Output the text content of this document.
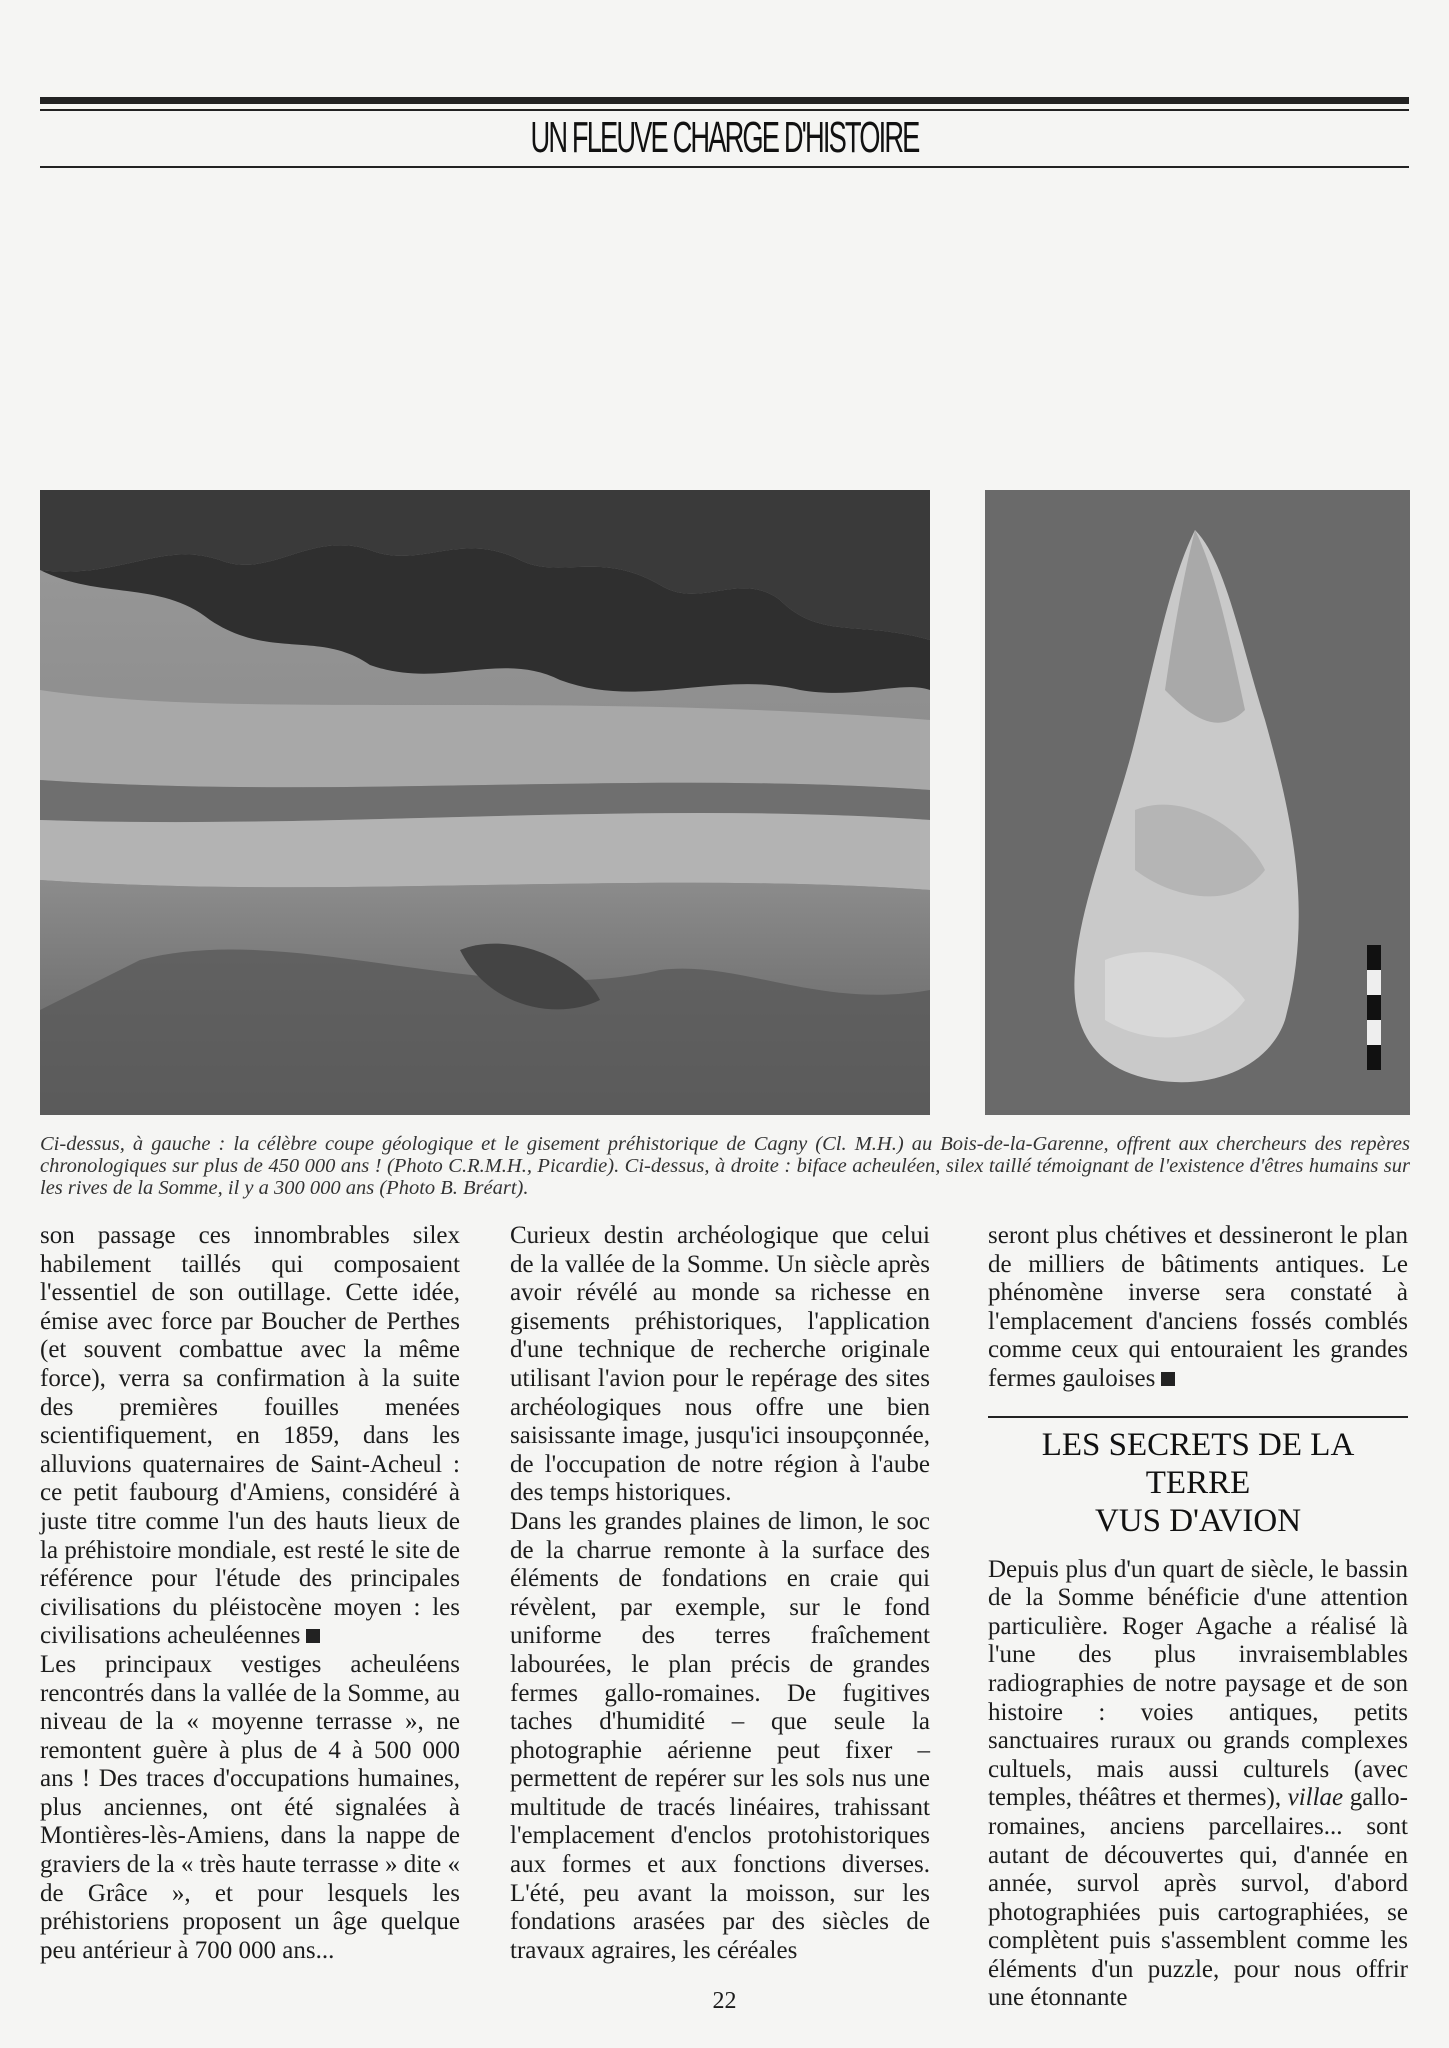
UN FLEUVE CHARGE D'HISTOIRE
Ci-dessus, à gauche : la célèbre coupe géologique et le gisement préhistorique de Cagny (Cl. M.H.) au Bois-de-la-Garenne, offrent aux chercheurs des repères chronologiques sur plus de 450 000 ans ! (Photo C.R.M.H., Picardie). Ci-dessus, à droite : biface acheuléen, silex taillé témoignant de l'existence d'êtres humains sur les rives de la Somme, il y a 300 000 ans (Photo B. Bréart).

son passage ces innombrables silex habilement taillés qui composaient l'essentiel de son outillage. Cette idée, émise avec force par Boucher de Perthes (et souvent combattue avec la même force), verra sa confirmation à la suite des premières fouilles menées scientifiquement, en 1859, dans les alluvions quaternaires de Saint-Acheul : ce petit faubourg d'Amiens, considéré à juste titre comme l'un des hauts lieux de la préhistoire mondiale, est resté le site de référence pour l'étude des principales civilisations du pléistocène moyen : les civilisations acheuléennes

Les principaux vestiges acheuléens rencontrés dans la vallée de la Somme, au niveau de la « moyenne terrasse », ne remontent guère à plus de 4 à 500 000 ans ! Des traces d'occupations humaines, plus anciennes, ont été signalées à Montières-lès-Amiens, dans la nappe de graviers de la « très haute terrasse » dite « de Grâce », et pour lesquels les préhistoriens proposent un âge quelque peu antérieur à 700 000 ans...

Curieux destin archéologique que celui de la vallée de la Somme. Un siècle après avoir révélé au monde sa richesse en gisements préhistoriques, l'application d'une technique de recherche originale utilisant l'avion pour le repérage des sites archéologiques nous offre une bien saisissante image, jusqu'ici insoupçonnée, de l'occupation de notre région à l'aube des temps historiques.

Dans les grandes plaines de limon, le soc de la charrue remonte à la surface des éléments de fondations en craie qui révèlent, par exemple, sur le fond uniforme des terres fraîchement labourées, le plan précis de grandes fermes gallo-romaines. De fugitives taches d'humidité – que seule la photographie aérienne peut fixer – permettent de repérer sur les sols nus une multitude de tracés linéaires, trahissant l'emplacement d'enclos protohistoriques aux formes et aux fonctions diverses. L'été, peu avant la moisson, sur les fondations arasées par des siècles de travaux agraires, les céréales

seront plus chétives et dessineront le plan de milliers de bâtiments antiques. Le phénomène inverse sera constaté à l'emplacement d'anciens fossés comblés comme ceux qui entouraient les grandes fermes gauloises

LES SECRETS DE LA TERRE
VUS D'AVION

Depuis plus d'un quart de siècle, le bassin de la Somme bénéficie d'une attention particulière. Roger Agache a réalisé là l'une des plus invraisemblables radiographies de notre paysage et de son histoire : voies antiques, petits sanctuaires ruraux ou grands complexes cultuels, mais aussi culturels (avec temples, théâtres et thermes), villae gallo-romaines, anciens parcellaires... sont autant de découvertes qui, d'année en année, survol après survol, d'abord photographiées puis cartographiées, se complètent puis s'assemblent comme les éléments d'un puzzle, pour nous offrir une étonnante

22
